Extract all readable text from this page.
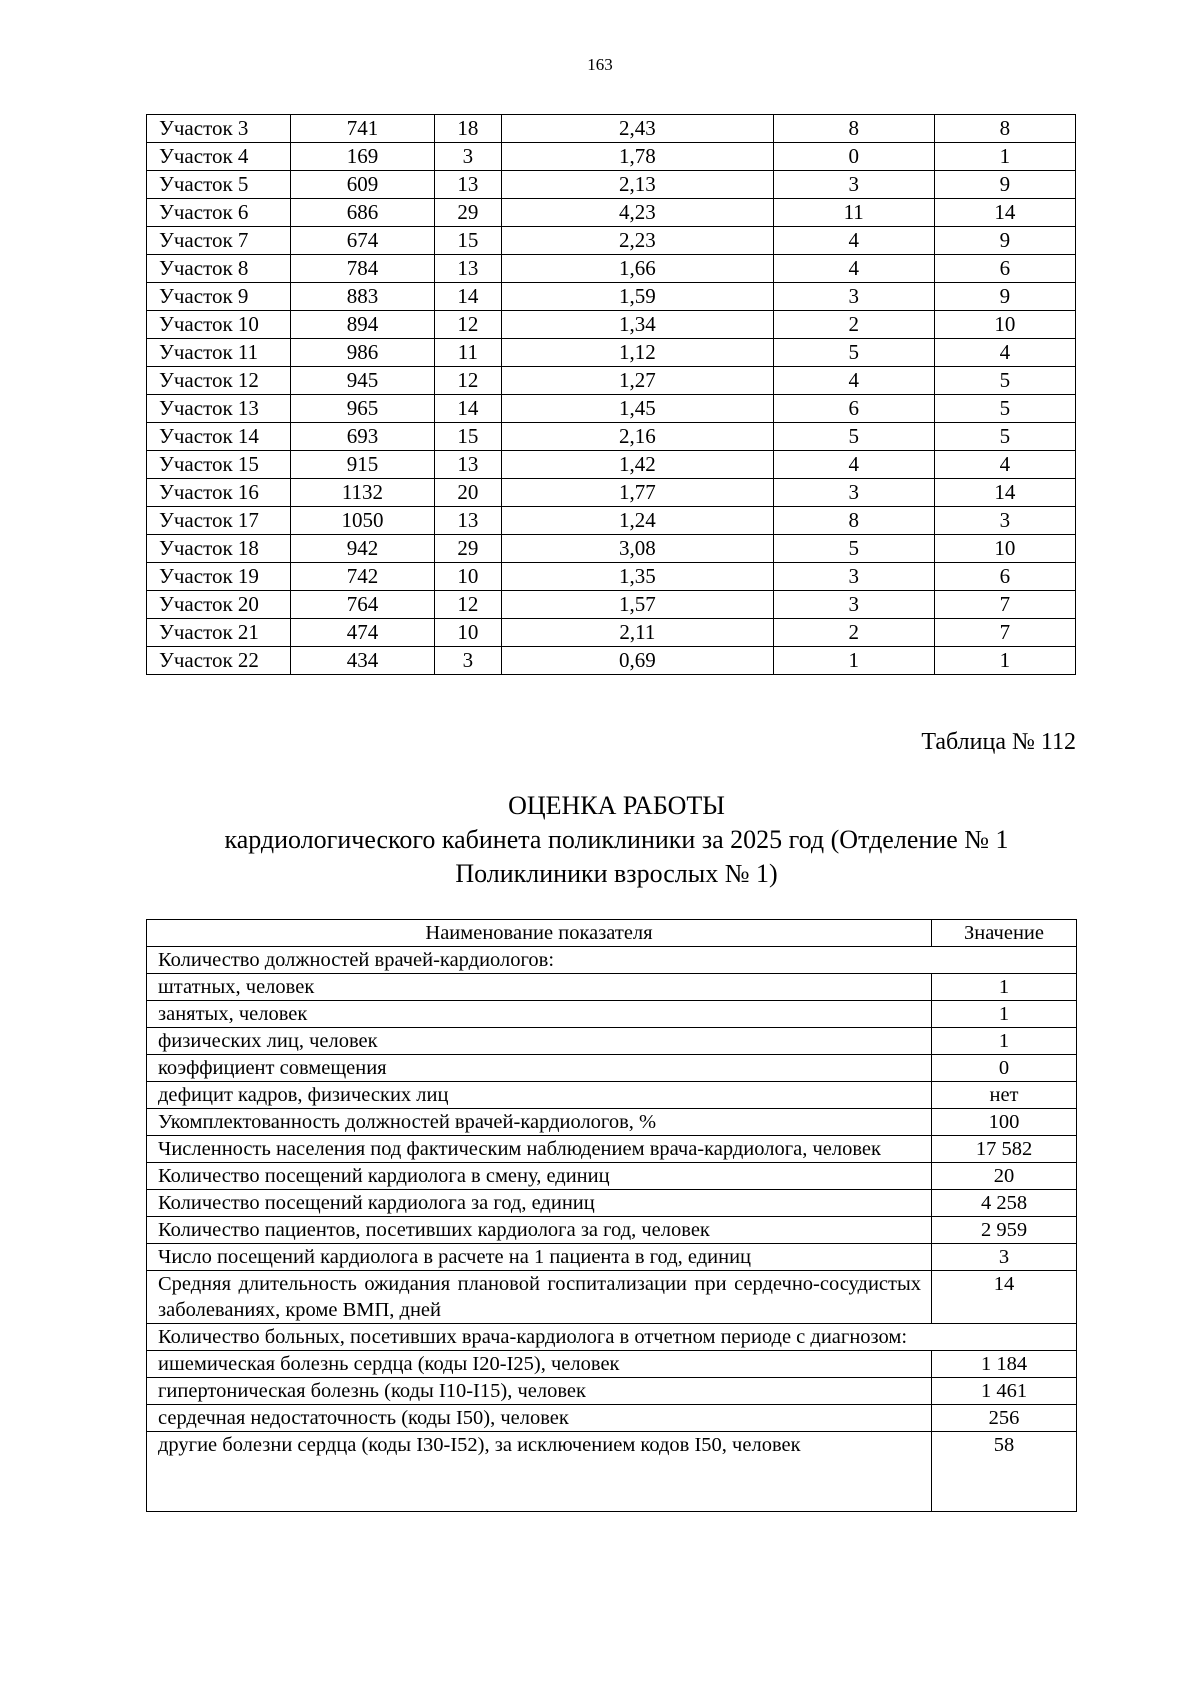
163
Участок 3	741	18	2,43	8	8
Участок 4	169	3	1,78	0	1
Участок 5	609	13	2,13	3	9
Участок 6	686	29	4,23	11	14
Участок 7	674	15	2,23	4	9
Участок 8	784	13	1,66	4	6
Участок 9	883	14	1,59	3	9
Участок 10	894	12	1,34	2	10
Участок 11	986	11	1,12	5	4
Участок 12	945	12	1,27	4	5
Участок 13	965	14	1,45	6	5
Участок 14	693	15	2,16	5	5
Участок 15	915	13	1,42	4	4
Участок 16	1132	20	1,77	3	14
Участок 17	1050	13	1,24	8	3
Участок 18	942	29	3,08	5	10
Участок 19	742	10	1,35	3	6
Участок 20	764	12	1,57	3	7
Участок 21	474	10	2,11	2	7
Участок 22	434	3	0,69	1	1
Таблица № 112
ОЦЕНКА РАБОТЫ
кардиологического кабинета поликлиники за 2025 год (Отделение № 1
Поликлиники взрослых № 1)
Наименование показателя	Значение
Количество должностей врачей-кардиологов:	
штатных, человек	1
занятых, человек	1
физических лиц, человек	1
коэффициент совмещения	0
дефицит кадров, физических лиц	нет
Укомплектованность должностей врачей-кардиологов, %	100
Численность населения под фактическим наблюдением врача-кардиолога, человек	17 582
Количество посещений кардиолога в смену, единиц	20
Количество посещений кардиолога за год, единиц	4 258
Количество пациентов, посетивших кардиолога за год, человек	2 959
Число посещений кардиолога в расчете на 1 пациента в год, единиц	3
Средняя длительность ожидания плановой госпитализации при сердечно-сосудистых заболеваниях, кроме ВМП, дней	14
Количество больных, посетивших врача-кардиолога в отчетном периоде с диагнозом:	
ишемическая болезнь сердца (коды I20-I25), человек	1 184
гипертоническая болезнь (коды I10-I15), человек	1 461
сердечная недостаточность (коды I50), человек	256
другие болезни сердца (коды I30-I52), за исключением кодов I50, человек	58
